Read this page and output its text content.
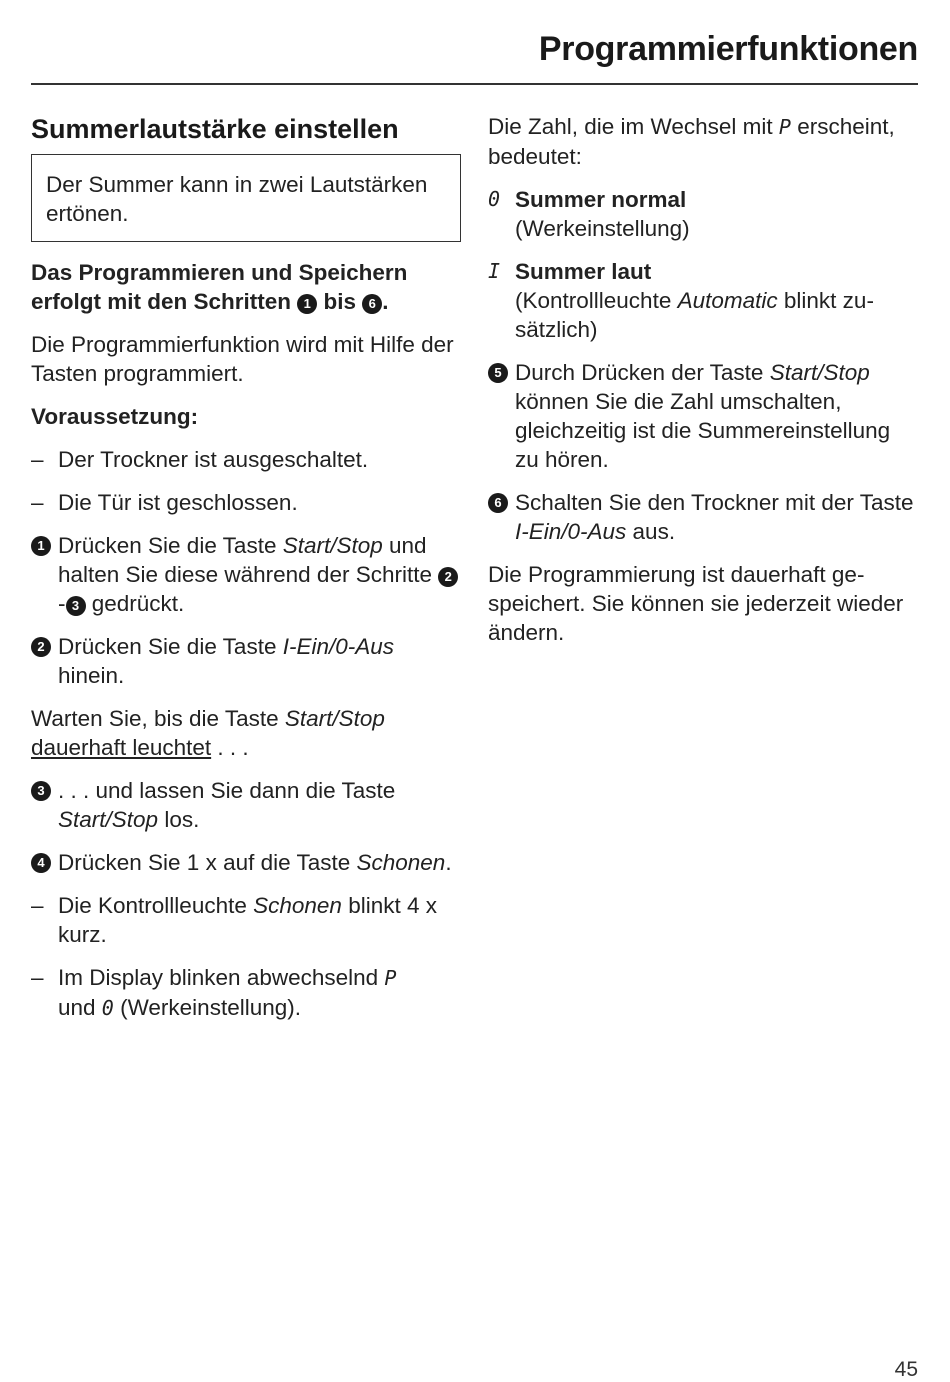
Programmierfunktionen
Summerlautstärke einstellen
Der Summer kann in zwei Lautstärken ertönen.

Das Programmieren und Speichern erfolgt mit den Schritten 1 bis 6 .

Die Programmierfunktion wird mit Hilfe der Tasten programmiert.

Voraussetzung:

– Der Trockner ist ausgeschaltet.
– Die Tür ist geschlossen.
1 Drücken Sie die Taste Start/Stop und halten Sie diese während der Schritte 2- 3 gedrückt.
2 Drücken Sie die Taste I-Ein/0-Aus hinein.

Warten Sie, bis die Taste Start/Stop dauerhaft leuchtet . . .

3 . . . und lassen Sie dann die Taste Start/Stop los.
4 Drücken Sie 1 x auf die Taste Schonen.
– Die Kontrollleuchte Schonen blinkt 4 x kurz.
– Im Display blinken abwechselnd P
und 0 (Werkeinstellung).

Die Zahl, die im Wechsel mit P erscheint, bedeutet:

0 Summer normal
(Werkeinstellung)
I Summer laut
(Kontrollleuchte Automatic blinkt zusätzlich)
5 Durch Drücken der Taste Start/Stop können Sie die Zahl umschalten, gleichzeitig ist die Summereinstellung zu hören.
6 Schalten Sie den Trockner mit der Taste I-Ein/0-Aus aus.

Die Programmierung ist dauerhaft gespeichert. Sie können sie jederzeit wieder ändern.

45
